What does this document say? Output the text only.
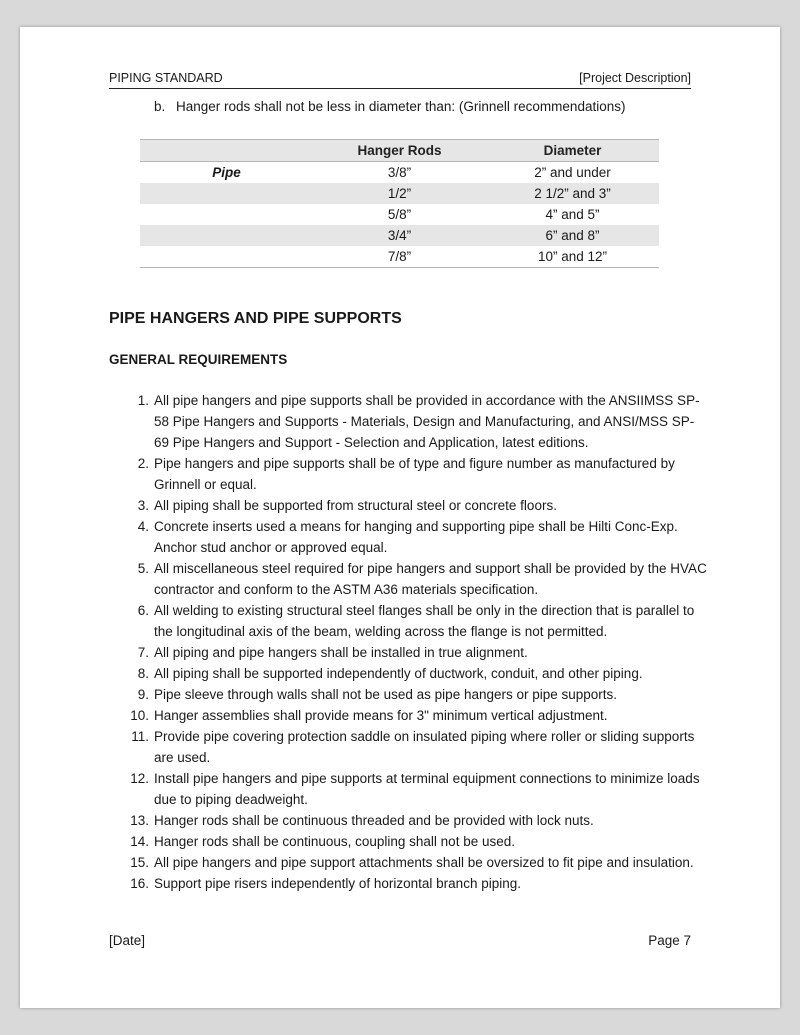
PIPING STANDARD	[Project Description]
b. Hanger rods shall not be less in diameter than: (Grinnell recommendations)
	Hanger Rods	Diameter
Pipe	3/8”	2” and under
	1/2”	2 1/2” and 3”
	5/8”	4” and 5”
	3/4”	6” and 8”
	7/8”	10” and 12”
PIPE HANGERS AND PIPE SUPPORTS
GENERAL REQUIREMENTS
1. All pipe hangers and pipe supports shall be provided in accordance with the ANSIIMSS SP-58 Pipe Hangers and Supports - Materials, Design and Manufacturing, and ANSI/MSS SP-69 Pipe Hangers and Support - Selection and Application, latest editions.
2. Pipe hangers and pipe supports shall be of type and figure number as manufactured by Grinnell or equal.
3. All piping shall be supported from structural steel or concrete floors.
4. Concrete inserts used a means for hanging and supporting pipe shall be Hilti Conc-Exp. Anchor stud anchor or approved equal.
5. All miscellaneous steel required for pipe hangers and support shall be provided by the HVAC contractor and conform to the ASTM A36 materials specification.
6. All welding to existing structural steel flanges shall be only in the direction that is parallel to the longitudinal axis of the beam, welding across the flange is not permitted.
7. All piping and pipe hangers shall be installed in true alignment.
8. All piping shall be supported independently of ductwork, conduit, and other piping.
9. Pipe sleeve through walls shall not be used as pipe hangers or pipe supports.
10. Hanger assemblies shall provide means for 3" minimum vertical adjustment.
11. Provide pipe covering protection saddle on insulated piping where roller or sliding supports are used.
12. Install pipe hangers and pipe supports at terminal equipment connections to minimize loads due to piping deadweight.
13. Hanger rods shall be continuous threaded and be provided with lock nuts.
14. Hanger rods shall be continuous, coupling shall not be used.
15. All pipe hangers and pipe support attachments shall be oversized to fit pipe and insulation.
16. Support pipe risers independently of horizontal branch piping.
[Date]	Page 7
